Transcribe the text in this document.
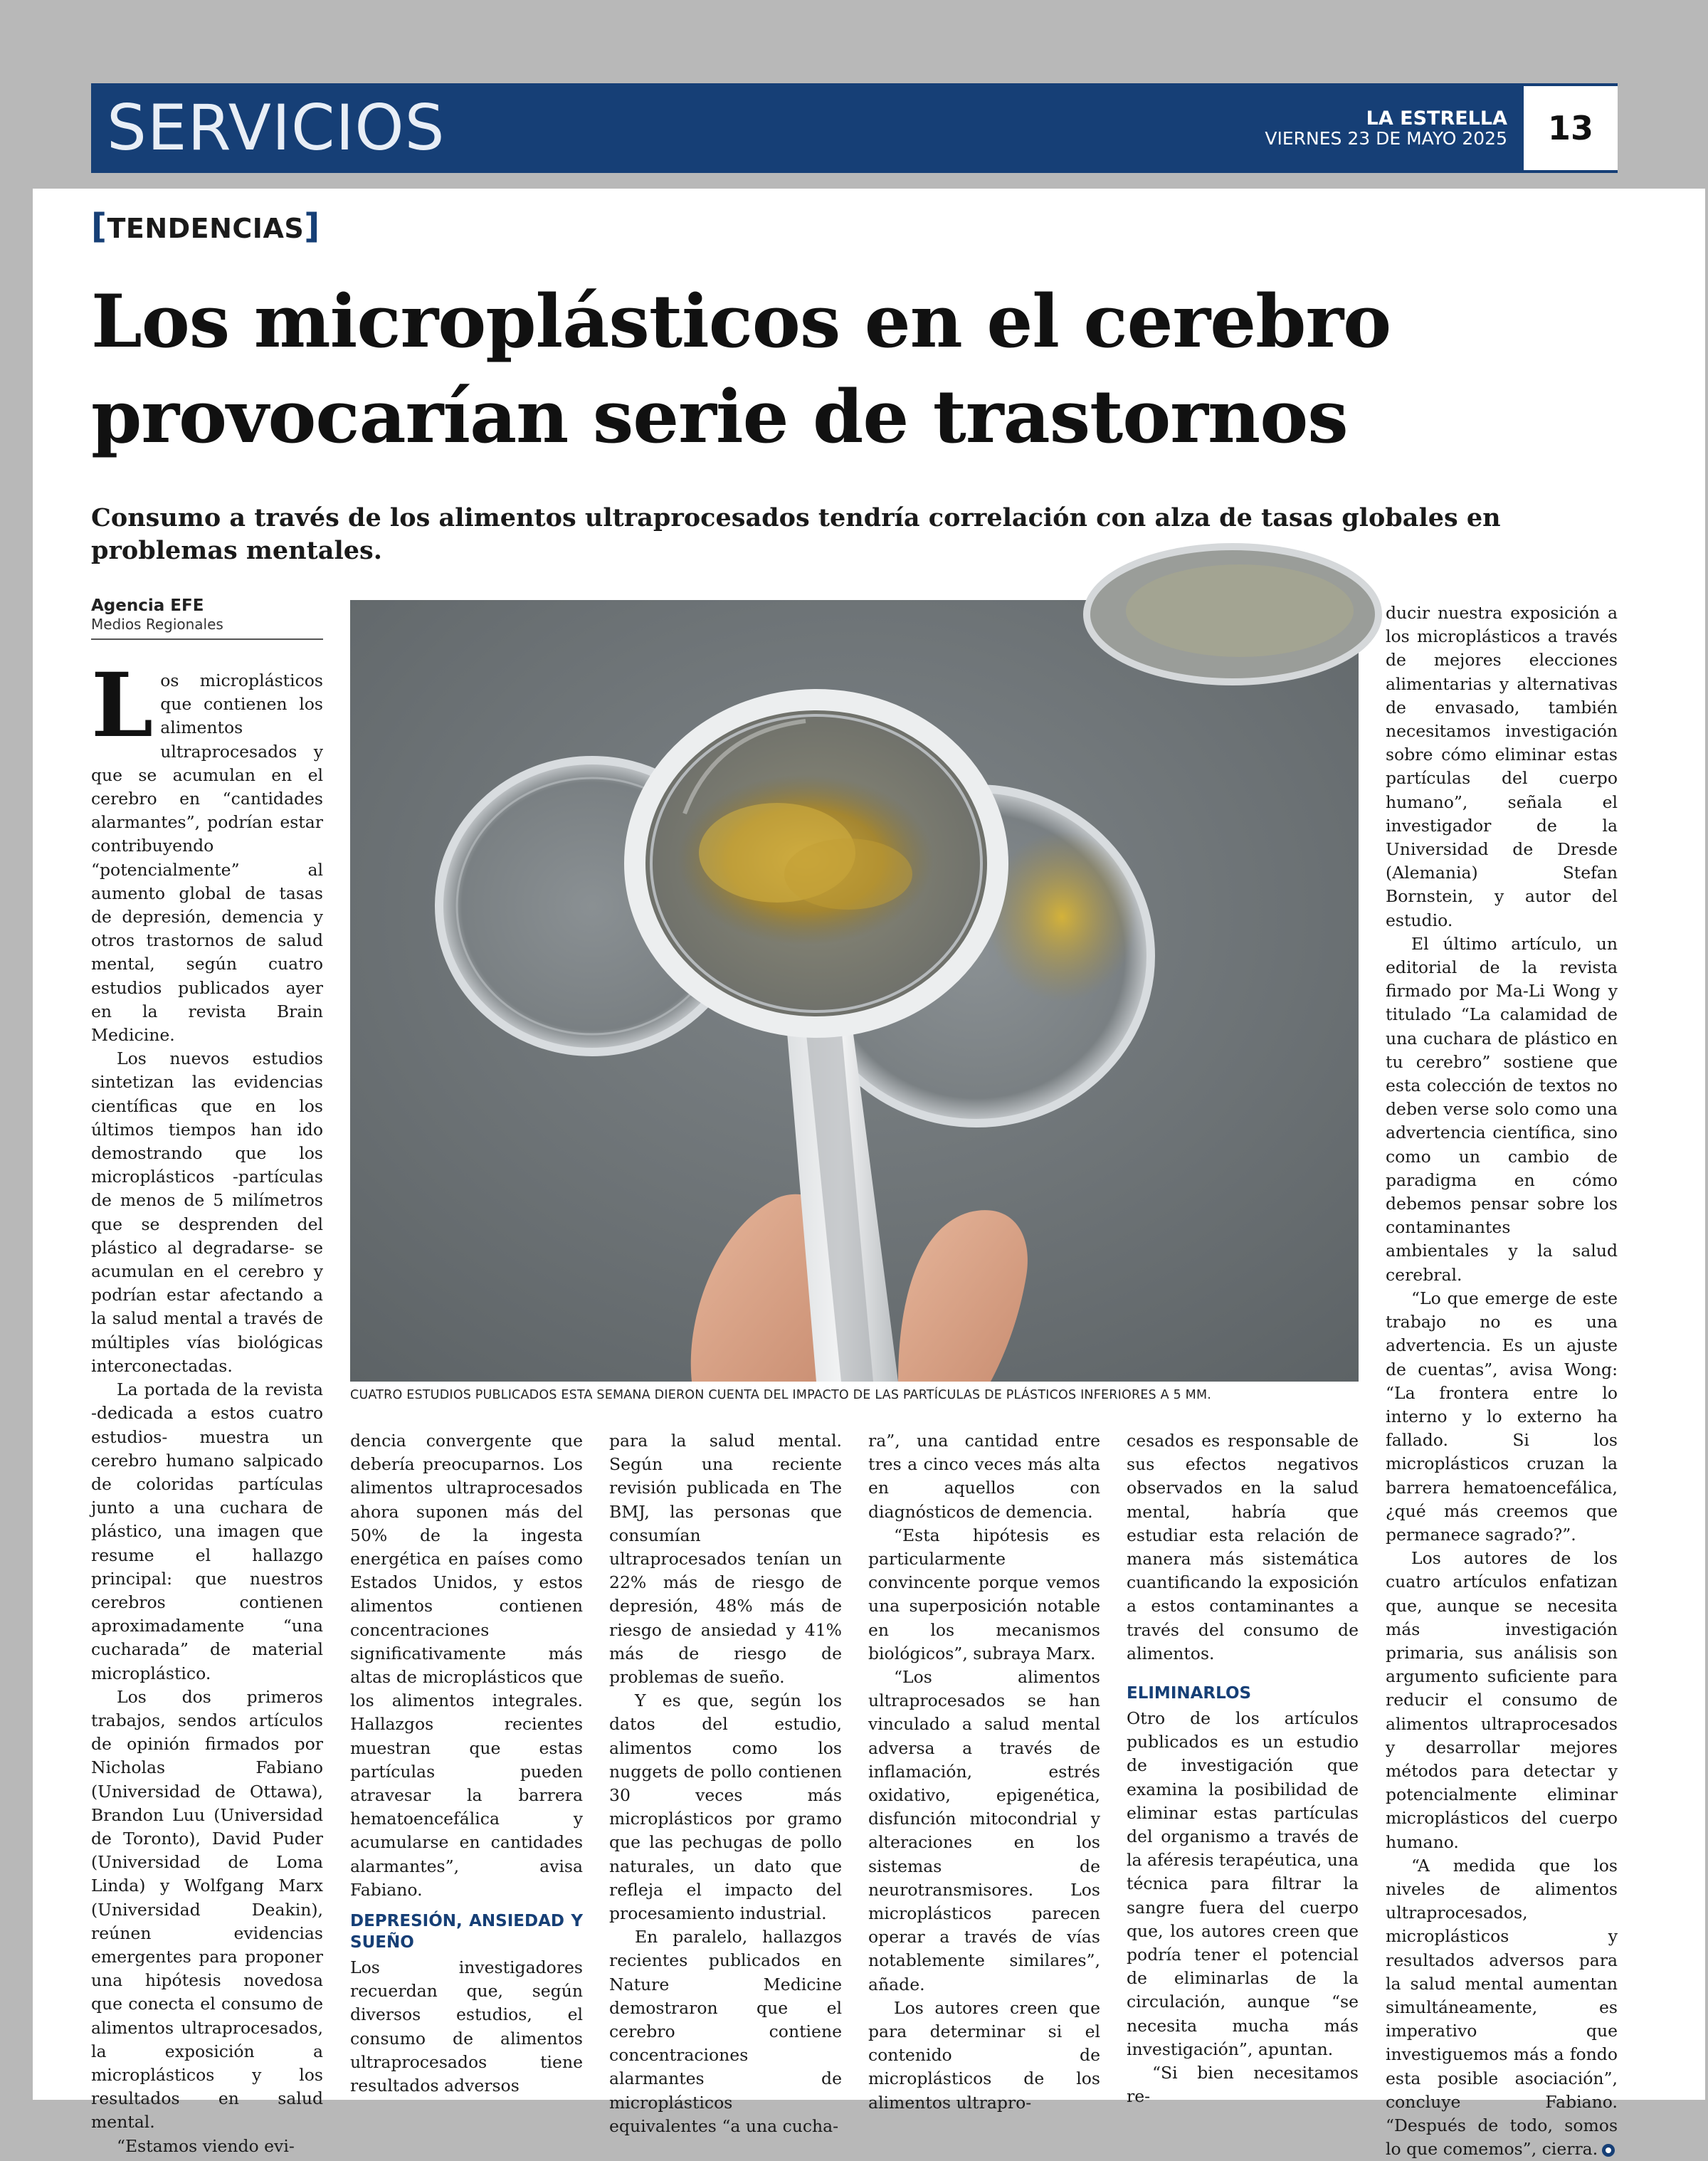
SERVICIOS	LA ESTRELLA
VIERNES 23 DE MAYO 2025	13
[TENDENCIAS]
Los microplásticos en el cerebro
provocarían serie de trastornos
Consumo a través de los alimentos ultraprocesados tendría correlación con alza de tasas globales en problemas mentales.
Agencia EFE
Medios Regionales
CUATRO ESTUDIOS PUBLICADOS ESTA SEMANA DIERON CUENTA DEL IMPACTO DE LAS PARTÍCULAS DE PLÁSTICOS INFERIORES A 5 MM.

Los microplásticos que contienen los alimentos ultraprocesados y que se acumulan en el cerebro en “cantidades alarmantes”, podrían estar contribuyendo “potencialmente” al aumento global de tasas de depresión, demencia y otros trastornos de salud mental, según cuatro estudios publicados ayer en la revista Brain Medicine.

Los nuevos estudios sintetizan las evidencias científicas que en los últimos tiempos han ido demostrando que los microplásticos -partículas de menos de 5 milímetros que se desprenden del plástico al degradarse- se acumulan en el cerebro y podrían estar afectando a la salud mental a través de múltiples vías biológicas interconectadas.

La portada de la revista -dedicada a estos cuatro estudios- muestra un cerebro humano salpicado de coloridas partículas junto a una cuchara de plástico, una imagen que resume el hallazgo principal: que nuestros cerebros contienen aproximadamente “una cucharada” de material microplástico.

Los dos primeros trabajos, sendos artículos de opinión firmados por Nicholas Fabiano (Universidad de Ottawa), Brandon Luu (Universidad de Toronto), David Puder (Universidad de Loma Linda) y Wolfgang Marx (Universidad Deakin), reúnen evidencias emergentes para proponer una hipótesis novedosa que conecta el consumo de alimentos ultraprocesados, la exposición a microplásticos y los resultados en salud mental.

“Estamos viendo evi-

dencia convergente que debería preocuparnos. Los alimentos ultraprocesados ahora suponen más del 50% de la ingesta energética en países como Estados Unidos, y estos alimentos contienen concentraciones significativamente más altas de microplásticos que los alimentos integrales. Hallazgos recientes muestran que estas partículas pueden atravesar la barrera hematoencefálica y acumularse en cantidades alarmantes”, avisa Fabiano.

DEPRESIÓN, ANSIEDAD Y SUEÑO

Los investigadores recuerdan que, según diversos estudios, el consumo de alimentos ultraprocesados tiene resultados adversos

para la salud mental. Según una reciente revisión publicada en The BMJ, las personas que consumían ultraprocesados tenían un 22% más de riesgo de depresión, 48% más de riesgo de ansiedad y 41% más de riesgo de problemas de sueño.

Y es que, según los datos del estudio, alimentos como los nuggets de pollo contienen 30 veces más microplásticos por gramo que las pechugas de pollo naturales, un dato que refleja el impacto del procesamiento industrial.

En paralelo, hallazgos recientes publicados en Nature Medicine demostraron que el cerebro contiene concentraciones alarmantes de microplásticos equivalentes “a una cucha-

ra”, una cantidad entre tres a cinco veces más alta en aquellos con diagnósticos de demencia.

“Esta hipótesis es particularmente convincente porque vemos una superposición notable en los mecanismos biológicos”, subraya Marx.

“Los alimentos ultraprocesados se han vinculado a salud mental adversa a través de inflamación, estrés oxidativo, epigenética, disfunción mitocondrial y alteraciones en los sistemas de neurotransmisores. Los microplásticos parecen operar a través de vías notablemente similares”, añade.

Los autores creen que para determinar si el contenido de microplásticos de los alimentos ultrapro-

cesados es responsable de sus efectos negativos observados en la salud mental, habría que estudiar esta relación de manera más sistemática cuantificando la exposición a estos contaminantes a través del consumo de alimentos.

ELIMINARLOS

Otro de los artículos publicados es un estudio de investigación que examina la posibilidad de eliminar estas partículas del organismo a través de la aféresis terapéutica, una técnica para filtrar la sangre fuera del cuerpo que, los autores creen que podría tener el potencial de eliminarlas de la circulación, aunque “se necesita mucha más investigación”, apuntan.

“Si bien necesitamos re-

ducir nuestra exposición a los microplásticos a través de mejores elecciones alimentarias y alternativas de envasado, también necesitamos investigación sobre cómo eliminar estas partículas del cuerpo humano”, señala el investigador de la Universidad de Dresde (Alemania) Stefan Bornstein, y autor del estudio.

El último artículo, un editorial de la revista firmado por Ma-Li Wong y titulado “La calamidad de una cuchara de plástico en tu cerebro” sostiene que esta colección de textos no deben verse solo como una advertencia científica, sino como un cambio de paradigma en cómo debemos pensar sobre los contaminantes ambientales y la salud cerebral.

“Lo que emerge de este trabajo no es una advertencia. Es un ajuste de cuentas”, avisa Wong: “La frontera entre lo interno y lo externo ha fallado. Si los microplásticos cruzan la barrera hematoencefálica, ¿qué más creemos que permanece sagrado?”.

Los autores de los cuatro artículos enfatizan que, aunque se necesita más investigación primaria, sus análisis son argumento suficiente para reducir el consumo de alimentos ultraprocesados y desarrollar mejores métodos para detectar y potencialmente eliminar microplásticos del cuerpo humano.

“A medida que los niveles de alimentos ultraprocesados, microplásticos y resultados adversos para la salud mental aumentan simultáneamente, es imperativo que investiguemos más a fondo esta posible asociación”, concluye Fabiano. “Después de todo, somos lo que comemos”, cierra.
